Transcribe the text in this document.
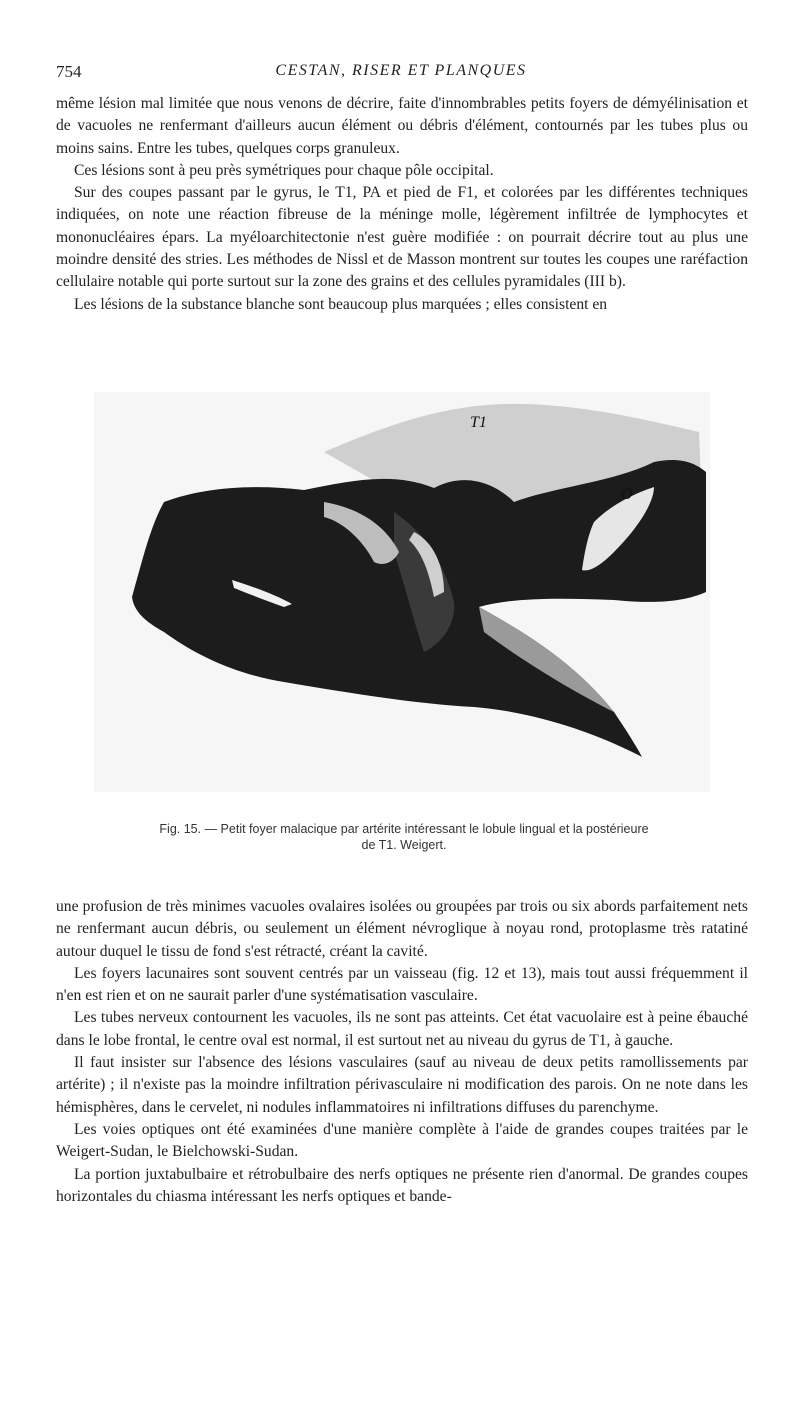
754	CESTAN, RISER ET PLANQUES

même lésion mal limitée que nous venons de décrire, faite d'innombrables petits foyers de démyélinisation et de vacuoles ne renfermant d'ailleurs aucun élément ou débris d'élément, contournés par les tubes plus ou moins sains. Entre les tubes, quelques corps granuleux.

Ces lésions sont à peu près symétriques pour chaque pôle occipital.

Sur des coupes passant par le gyrus, le T1, PA et pied de F1, et colorées par les différentes techniques indiquées, on note une réaction fibreuse de la méninge molle, légèrement infiltrée de lymphocytes et mononucléaires épars. La myéloarchitectonie n'est guère modifiée : on pourrait décrire tout au plus une moindre densité des stries. Les méthodes de Nissl et de Masson montrent sur toutes les coupes une raréfaction cellulaire notable qui porte surtout sur la zone des grains et des cellules pyramidales (III b).

Les lésions de la substance blanche sont beaucoup plus marquées ; elles consistent en

T1
O
Fig. 15. — Petit foyer malacique par artérite intéressant le lobule lingual et la postérieure
de T1. Weigert.

une profusion de très minimes vacuoles ovalaires isolées ou groupées par trois ou six abords parfaitement nets ne renfermant aucun débris, ou seulement un élément névroglique à noyau rond, protoplasme très ratatiné autour duquel le tissu de fond s'est rétracté, créant la cavité.

Les foyers lacunaires sont souvent centrés par un vaisseau (fig. 12 et 13), mais tout aussi fréquemment il n'en est rien et on ne saurait parler d'une systématisation vasculaire.

Les tubes nerveux contournent les vacuoles, ils ne sont pas atteints. Cet état vacuolaire est à peine ébauché dans le lobe frontal, le centre oval est normal, il est surtout net au niveau du gyrus de T1, à gauche.

Il faut insister sur l'absence des lésions vasculaires (sauf au niveau de deux petits ramollissements par artérite) ; il n'existe pas la moindre infiltration périvasculaire ni modification des parois. On ne note dans les hémisphères, dans le cervelet, ni nodules inflammatoires ni infiltrations diffuses du parenchyme.

Les voies optiques ont été examinées d'une manière complète à l'aide de grandes coupes traitées par le Weigert-Sudan, le Bielchowski-Sudan.

La portion juxtabulbaire et rétrobulbaire des nerfs optiques ne présente rien d'anormal. De grandes coupes horizontales du chiasma intéressant les nerfs optiques et bande-
